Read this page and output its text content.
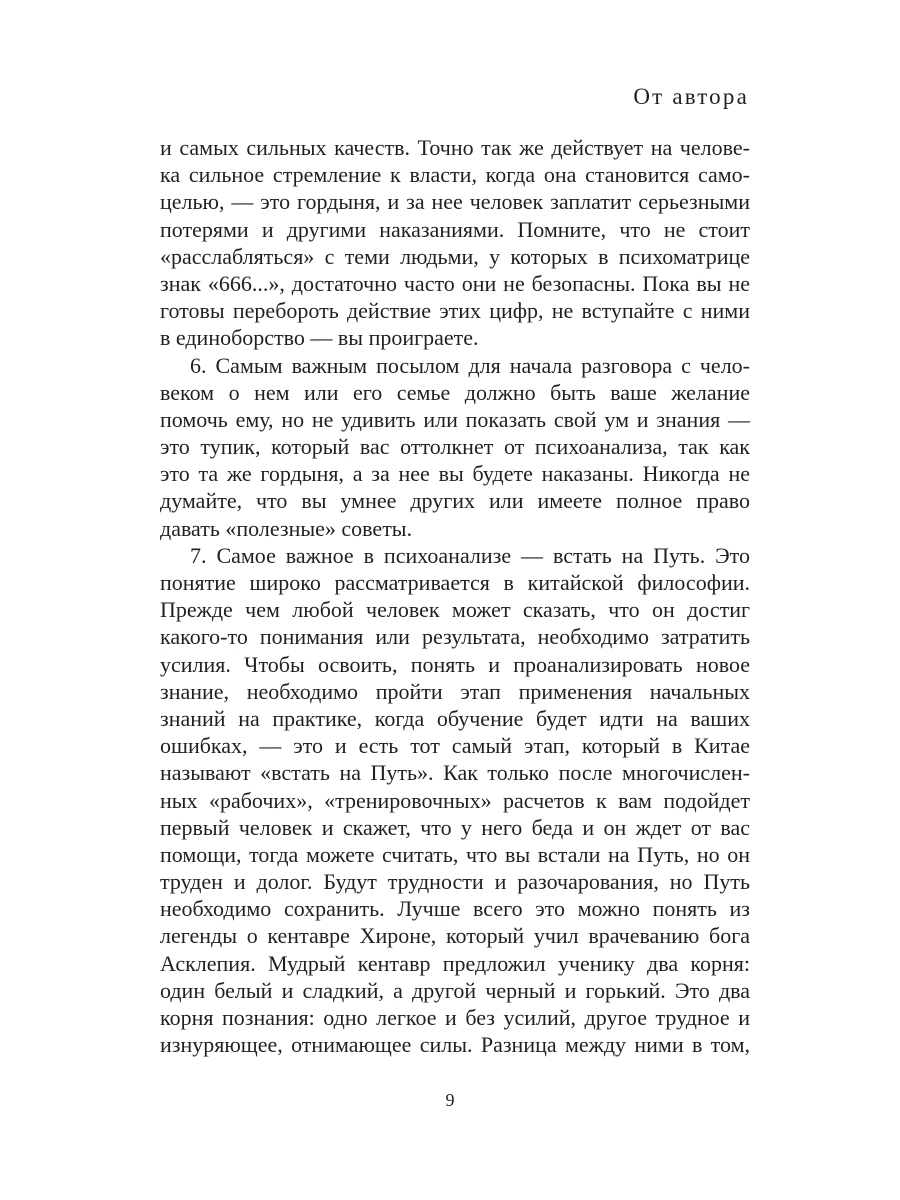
От автора
и самых сильных качеств. Точно так же действует на челове-
ка сильное стремление к власти, когда она становится само-
целью, — это гордыня, и за нее человек заплатит серьезными
потерями и другими наказаниями. Помните, что не стоит
«расслабляться» с теми людьми, у которых в психоматрице
знак «666...», достаточно часто они не безопасны. Пока вы не
готовы перебороть действие этих цифр, не вступайте с ними
в единоборство — вы проиграете.
6. Самым важным посылом для начала разговора с чело-
веком о нем или его семье должно быть ваше желание
помочь ему, но не удивить или показать свой ум и знания —
это тупик, который вас оттолкнет от психоанализа, так как
это та же гордыня, а за нее вы будете наказаны. Никогда не
думайте, что вы умнее других или имеете полное право
давать «полезные» советы.
7. Самое важное в психоанализе — встать на Путь. Это
понятие широко рассматривается в китайской философии.
Прежде чем любой человек может сказать, что он достиг
какого-то понимания или результата, необходимо затратить
усилия. Чтобы освоить, понять и проанализировать новое
знание, необходимо пройти этап применения начальных
знаний на практике, когда обучение будет идти на ваших
ошибках, — это и есть тот самый этап, который в Китае
называют «встать на Путь». Как только после многочислен-
ных «рабочих», «тренировочных» расчетов к вам подойдет
первый человек и скажет, что у него беда и он ждет от вас
помощи, тогда можете считать, что вы встали на Путь, но он
труден и долог. Будут трудности и разочарования, но Путь
необходимо сохранить. Лучше всего это можно понять из
легенды о кентавре Хироне, который учил врачеванию бога
Асклепия. Мудрый кентавр предложил ученику два корня:
один белый и сладкий, а другой черный и горький. Это два
корня познания: одно легкое и без усилий, другое трудное и
изнуряющее, отнимающее силы. Разница между ними в том,
9
